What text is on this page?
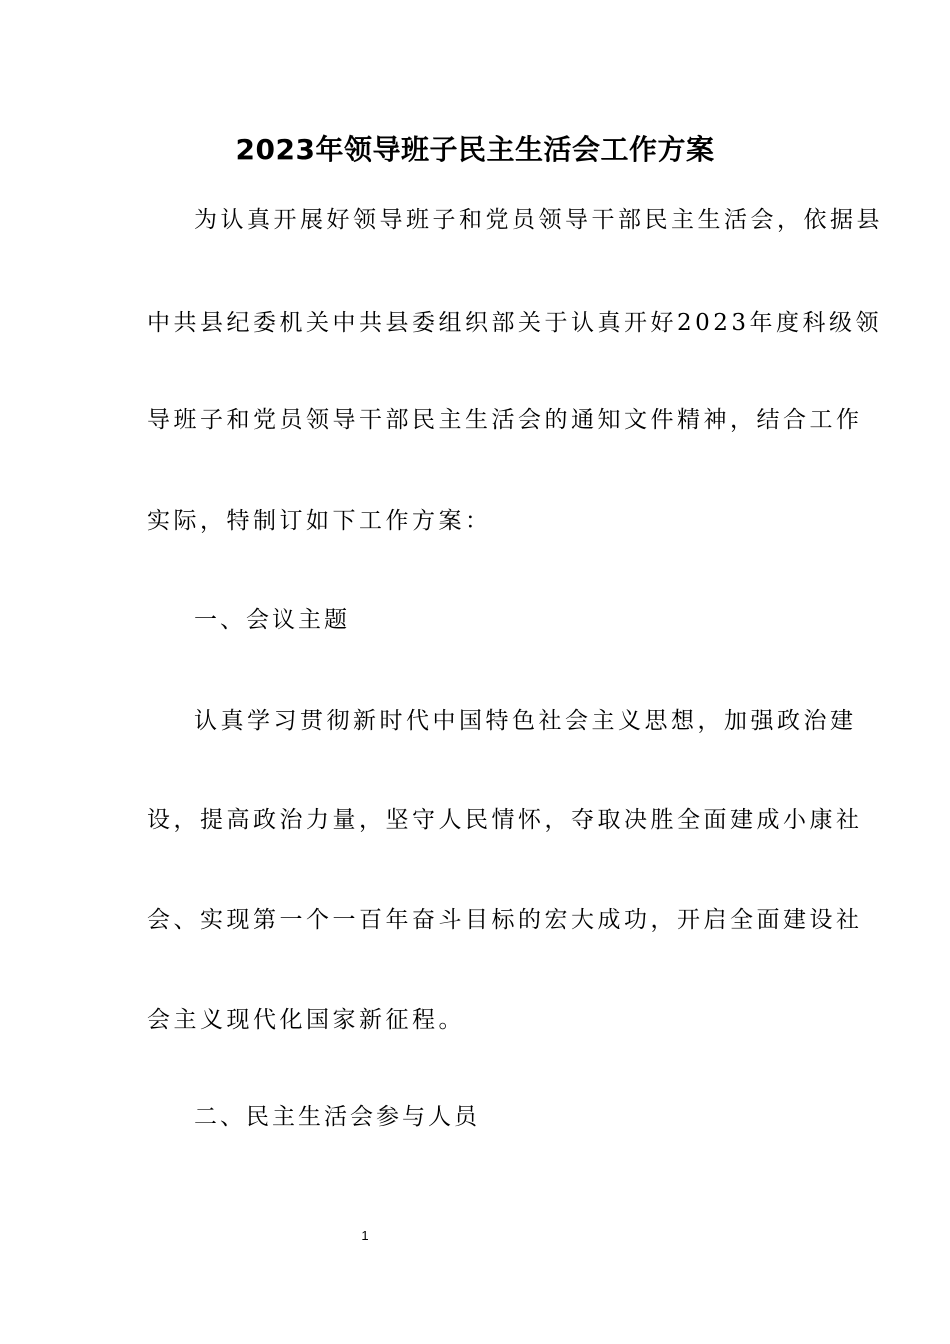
2023年领导班子民主生活会工作方案

为认真开展好领导班子和党员领导干部民主生活会，依据县

中共县纪委机关中共县委组织部关于认真开好2023年度科级领

导班子和党员领导干部民主生活会的通知文件精神，结合工作

实际，特制订如下工作方案：

一、会议主题

认真学习贯彻新时代中国特色社会主义思想，加强政治建

设，提高政治力量，坚守人民情怀，夺取决胜全面建成小康社

会、实现第一个一百年奋斗目标的宏大成功，开启全面建设社

会主义现代化国家新征程。

二、民主生活会参与人员

1
